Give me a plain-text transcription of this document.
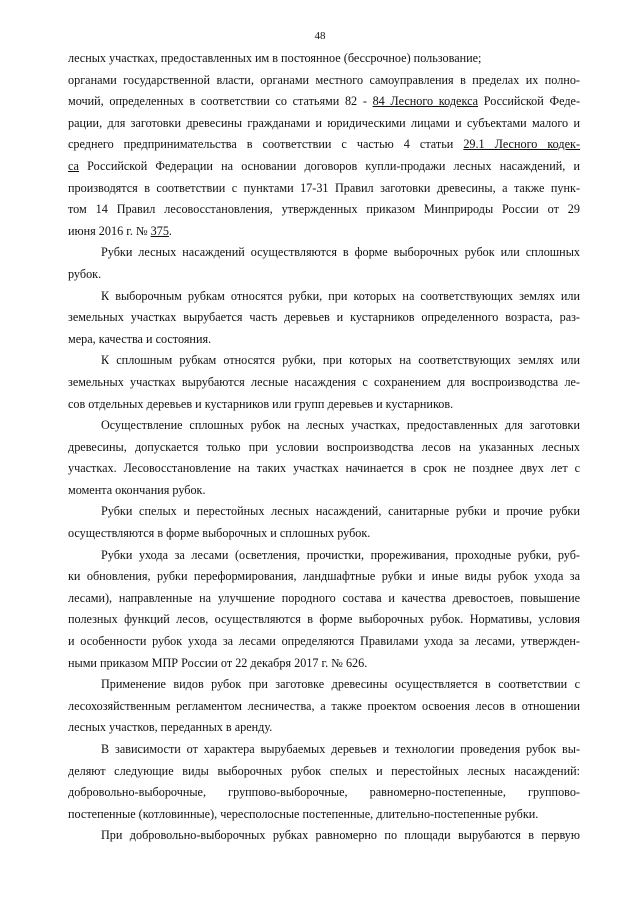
48
лесных участках, предоставленных им в постоянное (бессрочное) пользование;
органами государственной власти, органами местного самоуправления в пределах их полно-
мочий, определенных в соответствии со статьями 82 - 84 Лесного кодекса Российской Феде-
рации, для заготовки древесины гражданами и юридическими лицами и субъектами малого и
среднего предпринимательства в соответствии с частью 4 статьи 29.1 Лесного кодек-
са Российской Федерации на основании договоров купли-продажи лесных насаждений, и
производятся в соответствии с пунктами 17-31 Правил заготовки древесины, а также пунк-
том 14 Правил лесовосстановления, утвержденных приказом Минприроды России от 29
июня 2016 г. № 375.
Рубки лесных насаждений осуществляются в форме выборочных рубок или сплошных
рубок.
К выборочным рубкам относятся рубки, при которых на соответствующих землях или
земельных участках вырубается часть деревьев и кустарников определенного возраста, раз-
мера, качества и состояния.
К сплошным рубкам относятся рубки, при которых на соответствующих землях или
земельных участках вырубаются лесные насаждения с сохранением для воспроизводства ле-
сов отдельных деревьев и кустарников или групп деревьев и кустарников.
Осуществление сплошных рубок на лесных участках, предоставленных для заготовки
древесины, допускается только при условии воспроизводства лесов на указанных лесных
участках. Лесовосстановление на таких участках начинается в срок не позднее двух лет с
момента окончания рубок.
Рубки спелых и перестойных лесных насаждений, санитарные рубки и прочие рубки
осуществляются в форме выборочных и сплошных рубок.
Рубки ухода за лесами (осветления, прочистки, прореживания, проходные рубки, руб-
ки обновления, рубки переформирования, ландшафтные рубки и иные виды рубок ухода за
лесами), направленные на улучшение породного состава и качества древостоев, повышение
полезных функций лесов, осуществляются в форме выборочных рубок. Нормативы, условия
и особенности рубок ухода за лесами определяются Правилами ухода за лесами, утвержден-
ными приказом МПР России от 22 декабря 2017 г. № 626.
Применение видов рубок при заготовке древесины осуществляется в соответствии с
лесохозяйственным регламентом лесничества, а также проектом освоения лесов в отношении
лесных участков, переданных в аренду.
В зависимости от характера вырубаемых деревьев и технологии проведения рубок вы-
деляют следующие виды выборочных рубок спелых и перестойных лесных насаждений:
добровольно-выборочные, группово-выборочные, равномерно-постепенные, группово-
постепенные (котловинные), чересполосные постепенные, длительно-постепенные рубки.
При добровольно-выборочных рубках равномерно по площади вырубаются в первую
